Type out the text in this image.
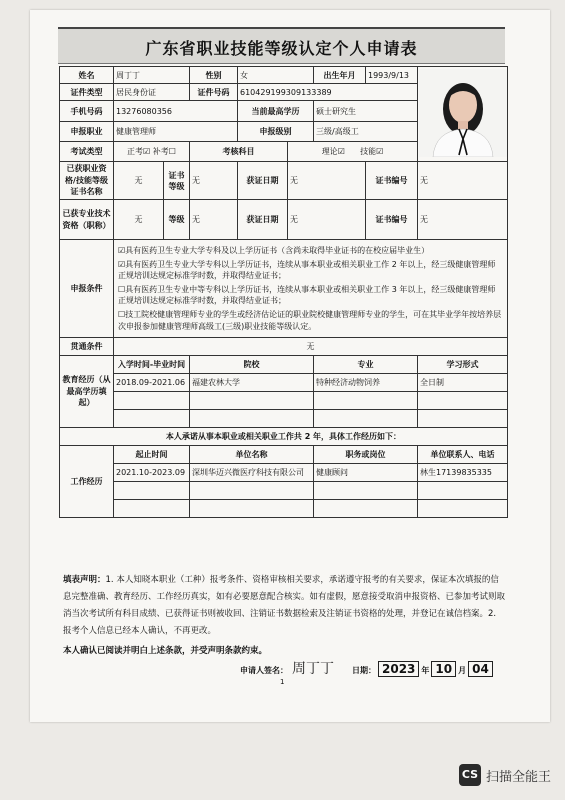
广东省职业技能等级认定个人申请表
姓名	周丁丁		性别	女		出生年月	1993/9/13	
证件类型	居民身份证		证件号码	610429199309133389				
手机号码	13276080356			当前最高学历		硕士研究生		
申报职业	健康管理师			申报级别		三级/高级工		
考试类型	正考☑ 补考☐		考核科目		理论☑ 技能☑			
已获职业资格/技能等级证书名称	无	证书等级	无	获证日期	无		证书编号	无
已获专业技术资格（职称）	无	等级	无	获证日期	无		证书编号	无
申报条件	☑具有医药卫生专业大学专科及以上学历证书（含尚未取得毕业证书的在校应届毕业生）
☑具有医药卫生专业大学专科以上学历证书，连续从事本职业或相关职业工作 2 年以上，经三级健康管理师正规培训达规定标准学时数，并取得结业证书；
☐具有医药卫生专业中等专科以上学历证书，连续从事本职业或相关职业工作 3 年以上，经三级健康管理师正规培训达规定标准学时数，并取得结业证书；
☐技工院校健康管理师专业的学生或经济估论证的职业院校健康管理师专业的学生，可在其毕业学年按培养层次申报参加健康管理师高级工(三级)职业技能等级认定。							

贯通条件	无							
教育经历（从最高学历填起）	入学时间-毕业时间		院校			专业		学习形式
	2018.09-2021.06		福建农林大学			特种经济动物饲养		全日制

本人承诺从事本职业或相关职业工作共 2 年，具体工作经历如下：								
工作经历	起止时间		单位名称			职务或岗位		单位联系人、电话
	2021.10-2023.09		深圳华迈兴微医疗科技有限公司			健康顾问		林生17139835335

填表声明：1. 本人知晓本职业（工种）报考条件、资格审核相关要求，承诺遵守报考的有关要求，保证本次填报的信息完整准确、教育经历、工作经历真实，如有必要愿意配合核实。如有虚假，愿意接受取消申报资格、已参加考试则取消当次考试所有科目成绩、已获得证书则被收回、注销证书数据检索及注销证书资格的处理，并登记在诚信档案。2. 报考个人信息已经本人确认，不再更改。
本人确认已阅读并明白上述条款，并受声明条款约束。
申请人签名： 周丁丁 日期： 2023 年 10 月 04
1
CS 扫描全能王
